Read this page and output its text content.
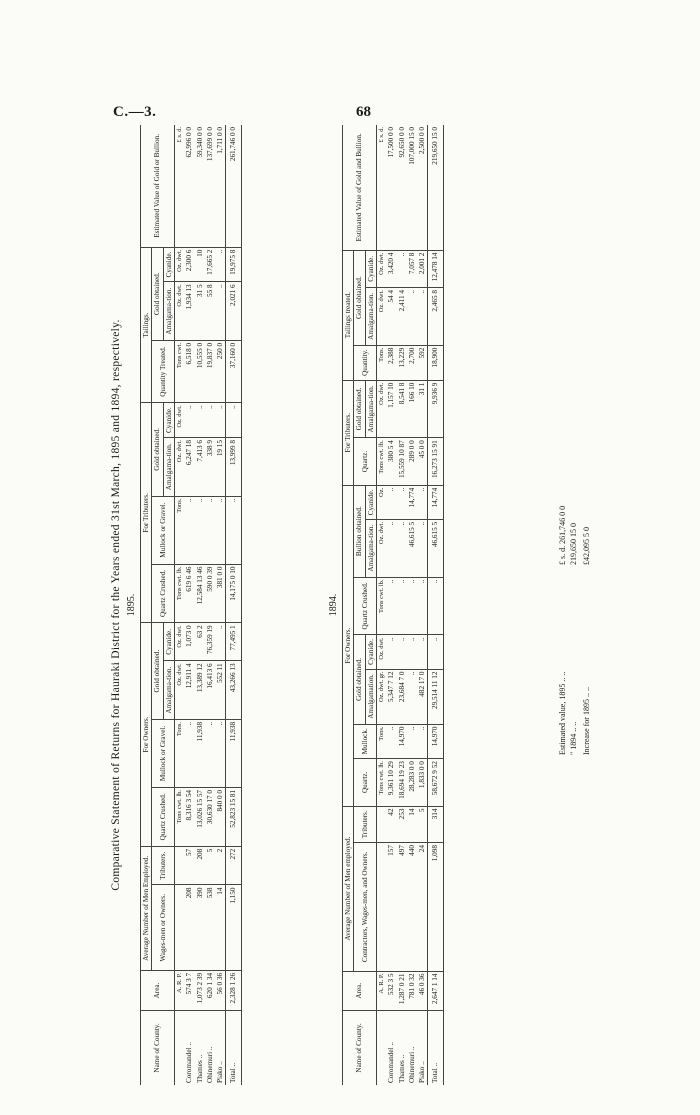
C.—3.	68
Comparative Statement of Returns for Hauraki District for the Years ended 31st March, 1895 and 1894, respectively. 1895.
Name of County.	Area.	Average Number of Men Employed.		For Owners.				For Tributers.				Tailings.			Estimated Value of Gold or Bullion.
		Wages-men or Owners.	Tributers.	Quartz Crushed.	Mullock or Gravel.	Gold obtained.		Quartz Crushed.	Mullock or Gravel.	Gold obtained.		Quantity Treated.	Gold obtained.		
						Amalgama-tion.	Cyanide.			Amalgama-tion.	Cyanide.		Amalgama-tion.	Cyanide.	
	A. R. P.			Tons cwt. lb.	Tons.	Oz. dwt.	Oz. dwt.	Tons cwt. lb.	Tons.	Oz. dwt.	Oz. dwt.	Tons cwt.	Oz. dwt.	Oz. dwt.	£ s. d.
Coromandel ..	574 3 7	208	57	8,316 3 54	..	12,911 4	1,073 0	619 6 46	..	6,247 18	..	6,518 0	1,934 13	2,300 6	62,996 0 0
Thames ..	1,073 2 39	390	208	13,026 15 57	11,938	13,389 12	63 2	12,584 13 46	..	7,413 6	..	10,555 0	31 5	10	59,340 0 0
Ohinemuri ..	620 1 34	538	5	30,630 17 0	..	16,413 6	76,359 19	590 0 39	..	338 9	..	19,837 0	55 8	17,665 2	137,699 0 0
Piako ..	56 0 36	14	2	840 0 0	..	552 11	..	381 0 0	..	19 15	..	250 0	..	..	1,711 0 0
Total ..	2,328 1 26	1,150	272	52,823 15 81	11,938	43,266 13	77,495 1	14,175 0 10	..	13,999 8	..	37,160 0	2,021 6	19,975 8	261,746 0 0
1894.
Name of County.	Area.	Average Number of Men employed.		For Owners.							For Tributers.		Tailings treated.			Estimated Value of Gold and Bullion.
		Contractors, Wages-men, and Owners.	Tributers.	Quartz.	Mullock.	Gold obtained.		Quartz Crushed.	Bullion obtained.		Quartz.	Gold obtained.	Quantity.	Gold obtained.		
						Amalgamation.	Cyanide.		Amalgama-tion.	Cyanide.		Amalgama-tion.		Amalgama-tion.	Cyanide.	
	A. R. P.			Tons cwt. lb.	Tons.	Oz. dwt. gr.	Oz. dwt.	Tons cwt. lb.	Oz. dwt.	Oz.	Tons cwt. lb.	Oz. dwt.	Tons.	Oz. dwt.	Oz. dwt.	£ s. d.
Coromandel ..	532 3 5	157	42	9,361 10 29	..	5,347 7 12	..	..	..	..	380 5 4	1,157 10	2,388	54 4	3,420 4	17,500 0 0
Thames ..	1,287 0 21	497	253	18,694 19 23	14,970	23,684 7 0	..	..	..	..	15,559 10 87	8,541 8	13,229	2,411 4	..	92,650 0 0
Ohinemuri ..	781 0 32	440	14	28,283 0 0	..	..	..	..	46,615 5	14,774	289 0 0	166 10	2,700	..	7,057 8	107,000 15 0
Piako ..	46 0 36	24	5	1,833 0 0	..	482 17 0	..	..	..	..	45 0 0	31 1	592	..	2,001 2	2,500 0 0
Total ..	2,647 1 14	1,098	314	58,672 9 52	14,970	29,514 11 12	..	..	46,615 5	14,774	16,273 15 91	9,936 9	18,900	2,465 8	12,478 14	219,650 15 0
Estimated value, 1895 .. ..
£ s. d. 261,746 0 0
" 1894 .. ..
219,650 15 0
Increase for 1895 .. ..
£42,095 5 0
